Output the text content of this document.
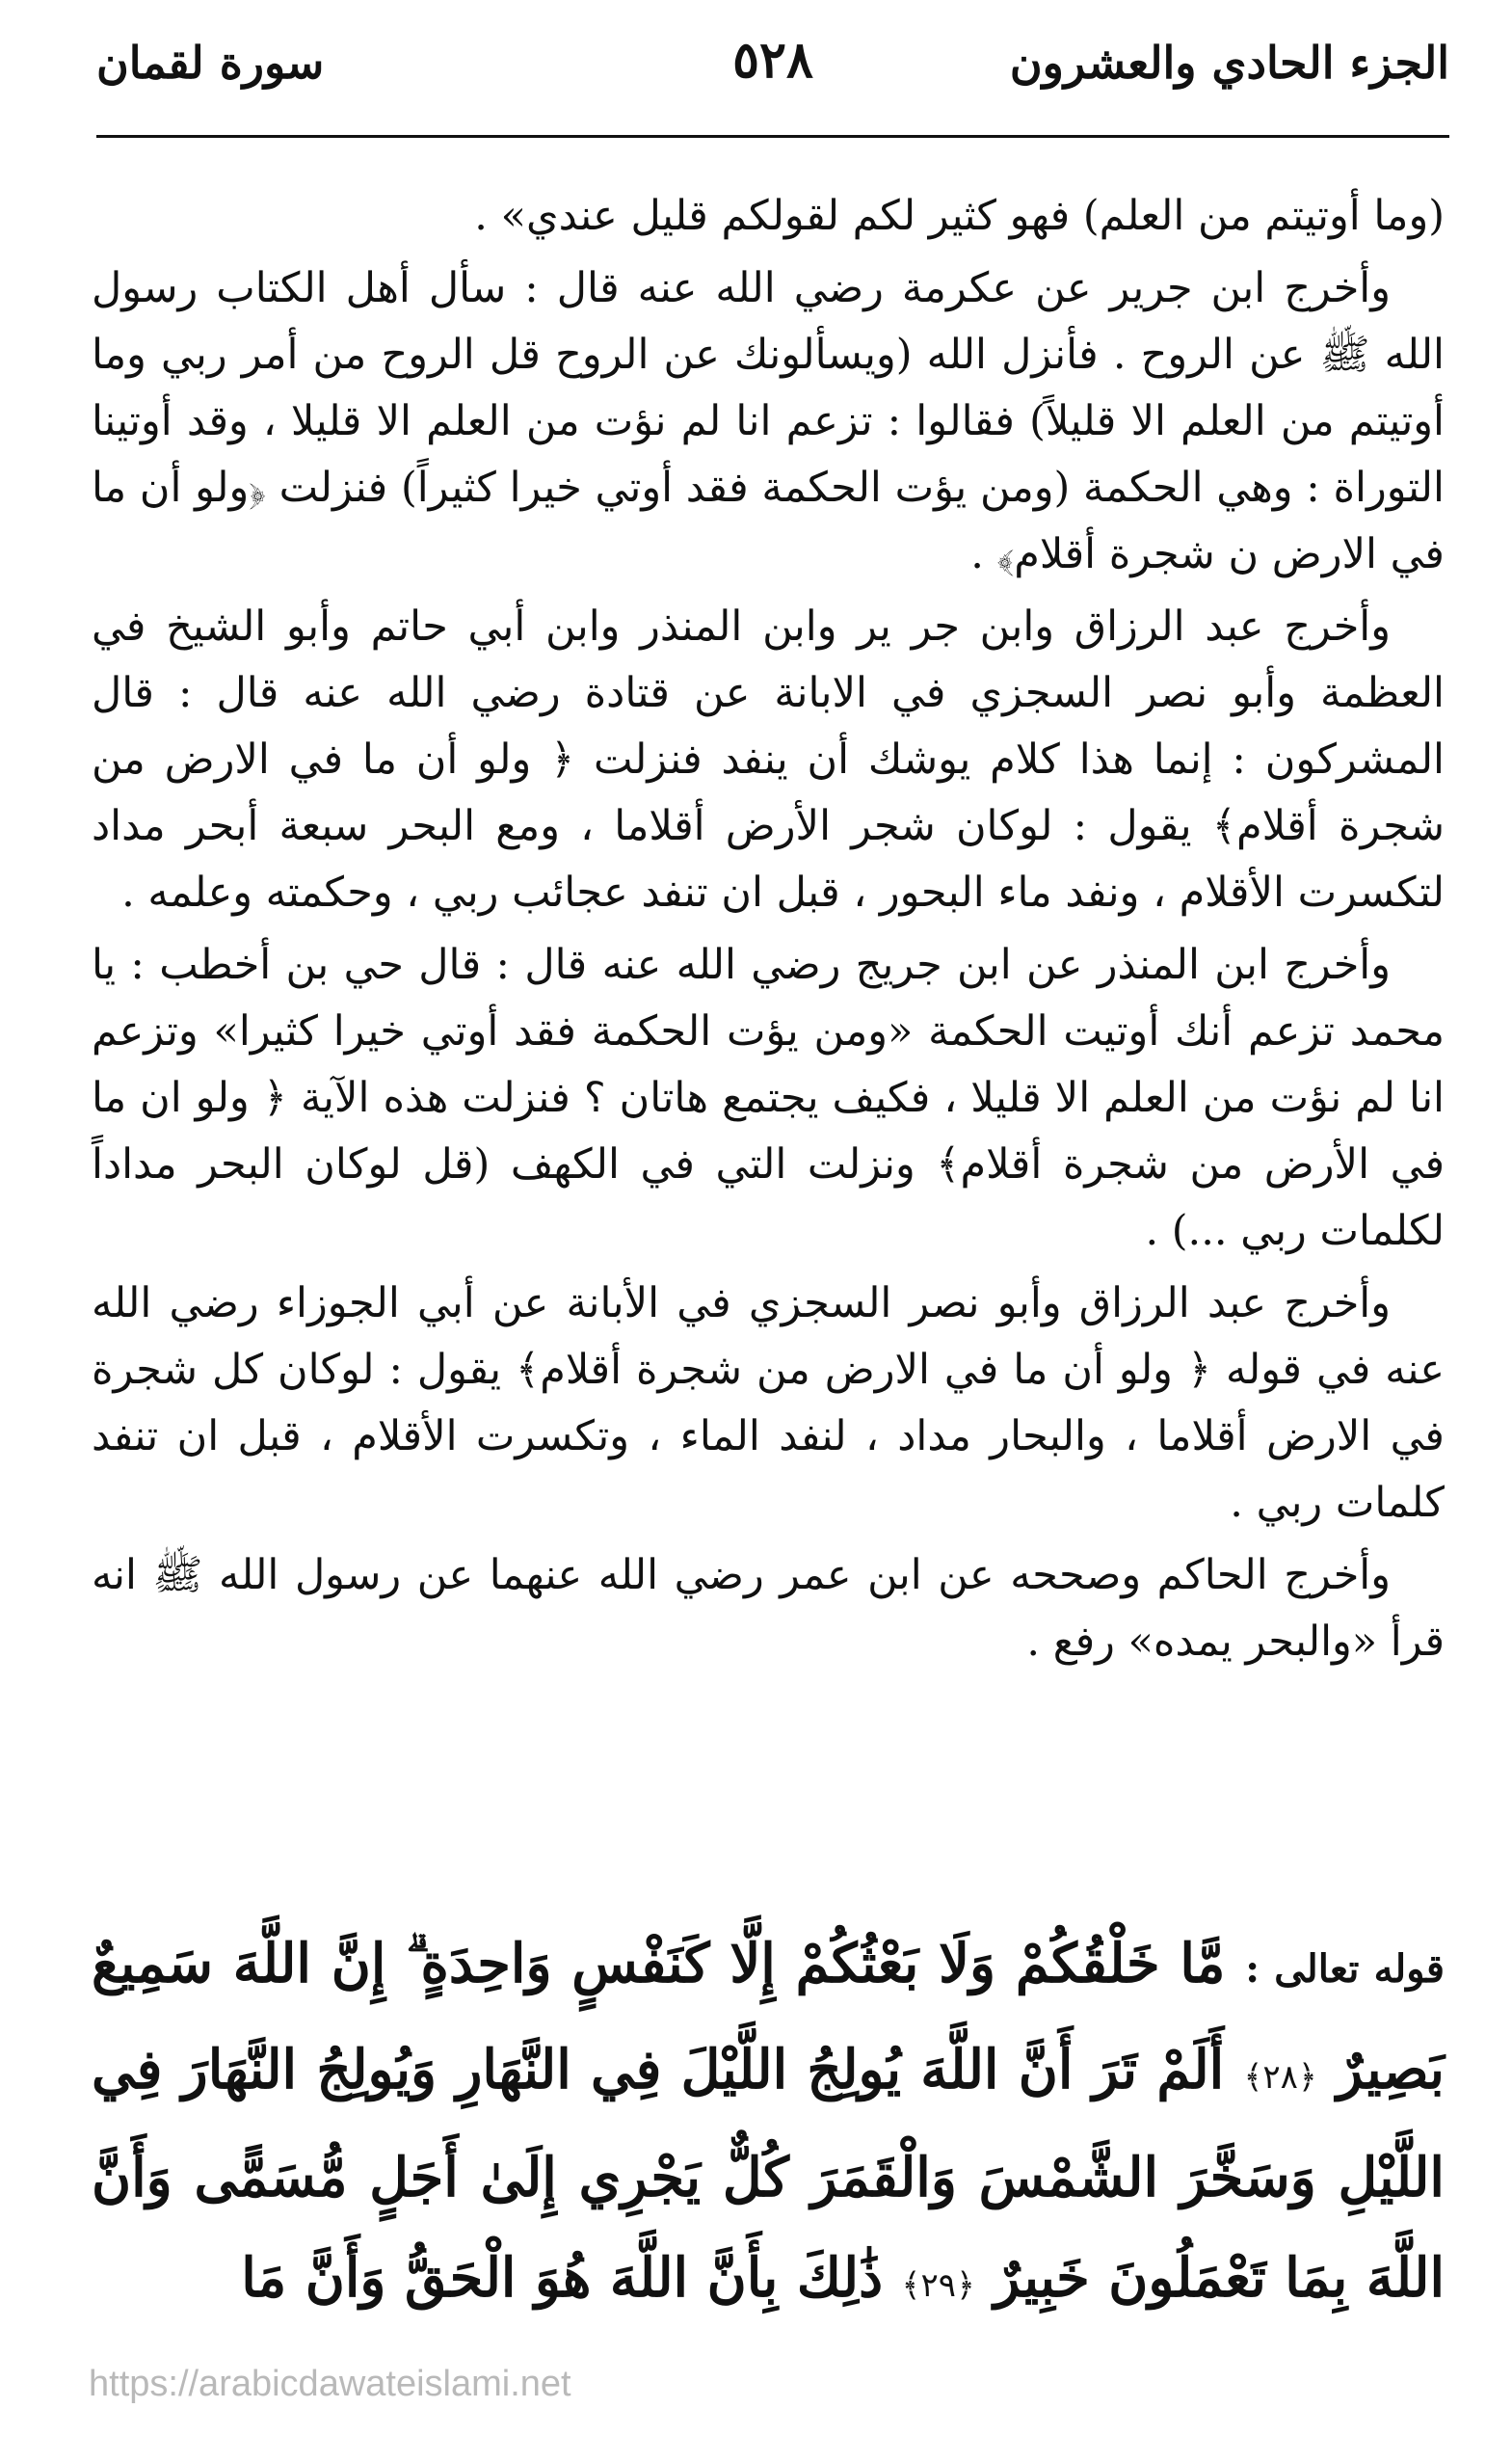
الجزء الحادي والعشرون
٥٢٨
سورة لقمان

(وما أوتيتم من العلم) فهو كثير لكم لقولكم قليل عندي» .

وأخرج ابن جرير عن عكرمة رضي الله عنه قال : سأل أهل الكتاب رسول الله ﷺ عن الروح . فأنزل الله (ويسألونك عن الروح قل الروح من أمر ربي وما أوتيتم من العلم الا قليلاً) فقالوا : تزعم انا لم نؤت من العلم الا قليلا ، وقد أوتينا التوراة : وهي الحكمة (ومن يؤت الحكمة فقد أوتي خيرا كثيراً) فنزلت ﴿ولو أن ما في الارض ن شجرة أقلام﴾ .

وأخرج عبد الرزاق وابن جر ير وابن المنذر وابن أبي حاتم وأبو الشيخ في العظمة وأبو نصر السجزي في الابانة عن قتادة رضي الله عنه قال : قال المشركون : إنما هذا كلام يوشك أن ينفد فنزلت ﴿ ولو أن ما في الارض من شجرة أقلام﴾ يقول : لوكان شجر الأرض أقلاما ، ومع البحر سبعة أبحر مداد لتكسرت الأقلام ، ونفد ماء البحور ، قبل ان تنفد عجائب ربي ، وحكمته وعلمه .

وأخرج ابن المنذر عن ابن جريج رضي الله عنه قال : قال حي بن أخطب : يا محمد تزعم أنك أوتيت الحكمة «ومن يؤت الحكمة فقد أوتي خيرا كثيرا» وتزعم انا لم نؤت من العلم الا قليلا ، فكيف يجتمع هاتان ؟ فنزلت هذه الآية ﴿ ولو ان ما في الأرض من شجرة أقلام﴾ ونزلت التي في الكهف (قل لوكان البحر مداداً لكلمات ربي ...) .

وأخرج عبد الرزاق وأبو نصر السجزي في الأبانة عن أبي الجوزاء رضي الله عنه في قوله ﴿ ولو أن ما في الارض من شجرة أقلام﴾ يقول : لوكان كل شجرة في الارض أقلاما ، والبحار مداد ، لنفد الماء ، وتكسرت الأقلام ، قبل ان تنفد كلمات ربي .

وأخرج الحاكم وصححه عن ابن عمر رضي الله عنهما عن رسول الله ﷺ انه قرأ «والبحر يمده» رفع .

قوله تعالى : مَّا خَلْقُكُمْ وَلَا بَعْثُكُمْ إِلَّا كَنَفْسٍ وَاحِدَةٍ ۗ إِنَّ اللَّهَ سَمِيعٌ بَصِيرٌ ﴿٢٨﴾ أَلَمْ تَرَ أَنَّ اللَّهَ يُولِجُ اللَّيْلَ فِي النَّهَارِ وَيُولِجُ النَّهَارَ فِي اللَّيْلِ وَسَخَّرَ الشَّمْسَ وَالْقَمَرَ كُلٌّ يَجْرِي إِلَىٰ أَجَلٍ مُّسَمًّى وَأَنَّ اللَّهَ بِمَا تَعْمَلُونَ خَبِيرٌ ﴿٢٩﴾ ذَٰلِكَ بِأَنَّ اللَّهَ هُوَ الْحَقُّ وَأَنَّ مَا
https://arabicdawateislami.net
